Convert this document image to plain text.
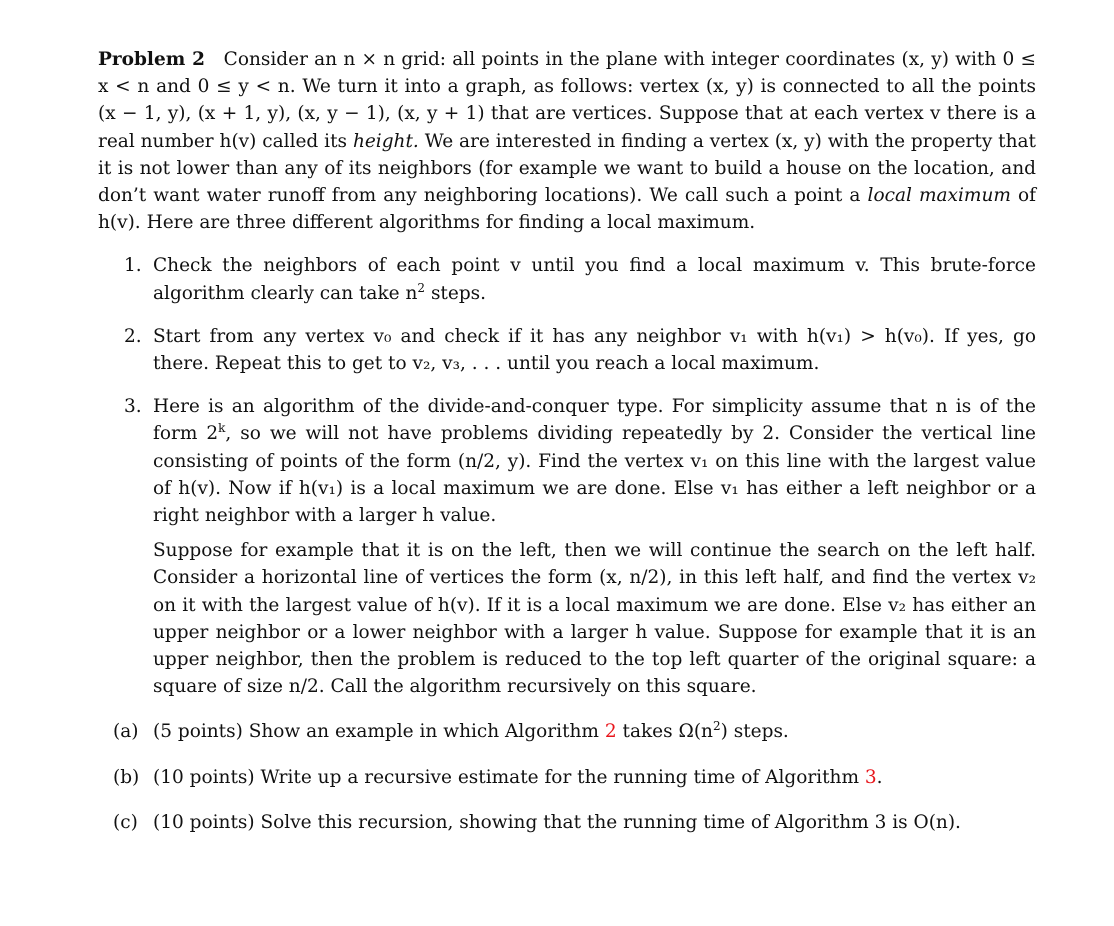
Problem 2 Consider an n × n grid: all points in the plane with integer coordinates (x, y) with 0 ≤ x < n and 0 ≤ y < n. We turn it into a graph, as follows: vertex (x, y) is connected to all the points (x − 1, y), (x + 1, y), (x, y − 1), (x, y + 1) that are vertices. Suppose that at each vertex v there is a real number h(v) called its height. We are interested in finding a vertex (x, y) with the property that it is not lower than any of its neighbors (for example we want to build a house on the location, and don’t want water runoff from any neighboring locations). We call such a point a local maximum of h(v). Here are three different algorithms for finding a local maximum.

1. Check the neighbors of each point v until you find a local maximum v. This brute-force algorithm clearly can take $n^2$ steps.

2. Start from any vertex v₀ and check if it has any neighbor v₁ with h(v₁) > h(v₀). If yes, go there. Repeat this to get to v₂, v₃, . . . until you reach a local maximum.

3. Here is an algorithm of the divide-and-conquer type. For simplicity assume that n is of the form 2$^k$, so we will not have problems dividing repeatedly by 2. Consider the vertical line consisting of points of the form (n/2, y). Find the vertex v₁ on this line with the largest value of h(v). Now if h(v₁) is a local maximum we are done. Else v₁ has either a left neighbor or a right neighbor with a larger h value.

Suppose for example that it is on the left, then we will continue the search on the left half. Consider a horizontal line of vertices the form (x, n/2), in this left half, and find the vertex v₂ on it with the largest value of h(v). If it is a local maximum we are done. Else v₂ has either an upper neighbor or a lower neighbor with a larger h value. Suppose for example that it is an upper neighbor, then the problem is reduced to the top left quarter of the original square: a square of size n/2. Call the algorithm recursively on this square.

(a) (5 points) Show an example in which Algorithm 2 takes $\Omega(n^2)$ steps.

(b) (10 points) Write up a recursive estimate for the running time of Algorithm 3.

(c) (10 points) Solve this recursion, showing that the running time of Algorithm 3 is O(n).
